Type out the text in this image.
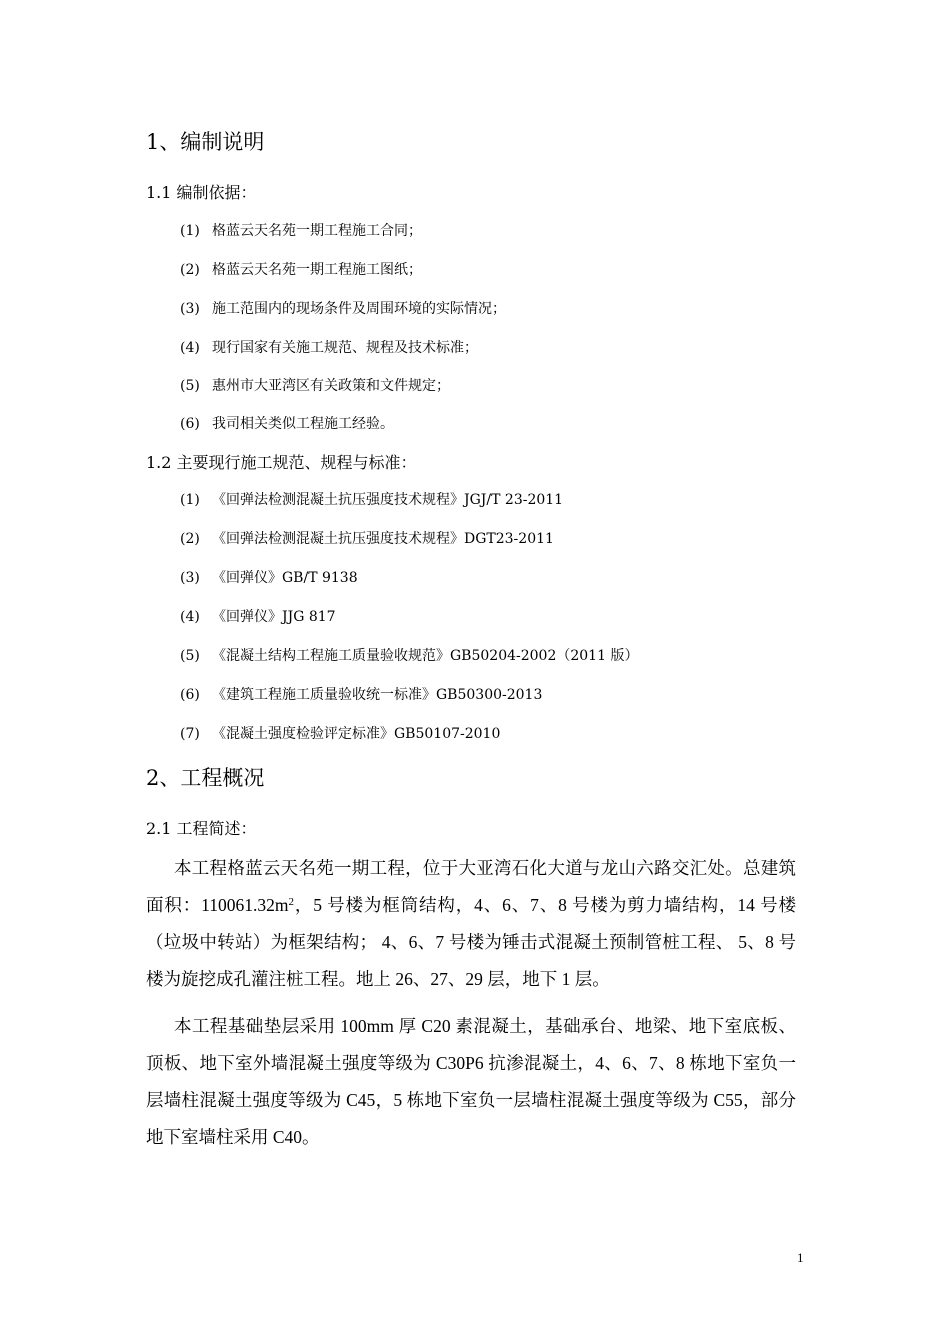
1、编制说明
1.1 编制依据：
(1) 格蓝云天名苑一期工程施工合同；
(2) 格蓝云天名苑一期工程施工图纸；
(3) 施工范围内的现场条件及周围环境的实际情况；
(4) 现行国家有关施工规范、规程及技术标准；
(5) 惠州市大亚湾区有关政策和文件规定；
(6) 我司相关类似工程施工经验。
1.2 主要现行施工规范、规程与标准：
(1) 《回弹法检测混凝土抗压强度技术规程》JGJ/T 23-2011
(2) 《回弹法检测混凝土抗压强度技术规程》DGT23-2011
(3) 《回弹仪》GB/T 9138
(4) 《回弹仪》JJG 817
(5) 《混凝土结构工程施工质量验收规范》GB50204-2002（2011 版）
(6) 《建筑工程施工质量验收统一标准》GB50300-2013
(7) 《混凝土强度检验评定标准》GB50107-2010
2、工程概况
2.1 工程简述：
本工程格蓝云天名苑一期工程，位于大亚湾石化大道与龙山六路交汇处。总建筑面积：$110061.32m^2$，5 号楼为框筒结构，4、6、7、8 号楼为剪力墙结构，14 号楼（垃圾中转站）为框架结构； 4、6、7 号楼为锤击式混凝土预制管桩工程、 5、8 号楼为旋挖成孔灌注桩工程。地上 26、27、29 层，地下 1 层。
本工程基础垫层采用 100mm 厚 C20 素混凝土，基础承台、地梁、地下室底板、顶板、地下室外墙混凝土强度等级为 C30P6 抗渗混凝土，4、6、7、8 栋地下室负一层墙柱混凝土强度等级为 C45，5 栋地下室负一层墙柱混凝土强度等级为 C55，部分地下室墙柱采用 C40。
1
